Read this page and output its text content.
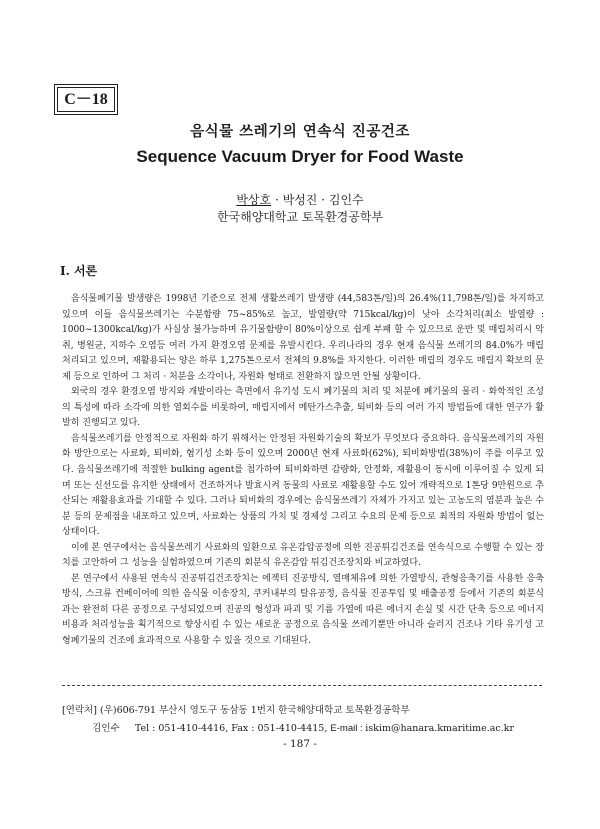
C－18
음식물 쓰레기의 연속식 진공건조
Sequence Vacuum Dryer for Food Waste
박상호 · 박성진 · 김인수
한국해양대학교 토목환경공학부
Ⅰ. 서론

음식물폐기물 발생량은 1998년 기준으로 전체 생활쓰레기 발생량 (44,583톤/일)의 26.4%(11,798톤/일)를 차지하고 있으며 이들 음식물쓰레기는 수분함량 75~85%로 높고, 발열량(약 715kcal/kg)이 낮아 소각처리(최소 발열량 : 1000~1300kcal/kg)가 사실상 불가능하며 유기물함량이 80%이상으로 쉽게 부패 할 수 있으므로 운반 및 매립처리시 악취, 병원균, 지하수 오염등 여러 가지 환경오염 문제를 유발시킨다. 우리나라의 경우 현재 음식물 쓰레기의 84.0%가 매립 처리되고 있으며, 재활용되는 양은 하루 1,275톤으로서 전체의 9.8%를 차지한다. 이러한 매립의 경우도 매립지 확보의 문제 등으로 인하여 그 처리 · 처분을 소각이나, 자원화 형태로 전환하지 않으면 안될 상황이다.

외국의 경우 환경오염 방지와 개발이라는 측면에서 유기성 도시 폐기물의 처리 및 처분에 폐기물의 물리 · 화학적인 조성의 특성에 따라 소각에 의한 열회수를 비롯하여, 매립지에서 메탄가스추출, 퇴비화 등의 여러 가지 방법들에 대한 연구가 활발히 진행되고 있다.

음식물쓰레기를 안정적으로 자원화 하기 위해서는 안정된 자원화기술의 확보가 무엇보다 중요하다. 음식물쓰레기의 자원화 방안으로는 사료화, 퇴비화, 혐기성 소화 등이 있으며 2000년 현재 사료화(62%), 퇴비화방법(38%)이 주를 이루고 있다. 음식물쓰레기에 적절한 bulking agent를 첨가하여 퇴비화하면 감량화, 안정화, 재활용이 동시에 이루어질 수 있게 되며 또는 신선도를 유지한 상태에서 건조하거나 발효시켜 동물의 사료로 재활용할 수도 있어 개략적으로 1톤당 9만원으로 추산되는 재활용효과를 기대할 수 있다. 그러나 퇴비화의 경우에는 음식물쓰레기 자체가 가지고 있는 고농도의 염분과 높은 수분 등의 문제점을 내포하고 있으며, 사료화는 상품의 가치 및 경제성 그리고 수요의 문제 등으로 최적의 자원화 방법이 없는 상태이다.

이에 본 연구에서는 음식물쓰레기 사료화의 일환으로 유온감압공정에 의한 진공튀김건조를 연속식으로 수행할 수 있는 장치를 고안하여 그 성능을 실험하였으며 기존의 회분식 유온감압 튀김건조장치와 비교하였다.

본 연구에서 사용된 연속식 진공튀김건조장치는 에젝터 진공방식, 열매체유에 의한 가열방식, 관형응축기를 사용한 응축방식, 스크류 컨베이어에 의한 음식물 이송장치, 쿠커내부의 탈유공정, 음식물 진공투입 및 배출공정 등에서 기존의 회분식과는 완전히 다른 공정으로 구성되었으며 진공의 형성과 파괴 및 기름 가열에 따른 에너지 손실 및 시간 단축 등으로 에너지 비용과 처리성능을 획기적으로 향상시킬 수 있는 새로운 공정으로 음식물 쓰레기뿐만 아니라 슬러지 건조나 기타 유기성 고형폐기물의 건조에 효과적으로 사용할 수 있을 것으로 기대된다.

[연락처] (우)606-791 부산시 영도구 동삼동 1번지 한국해양대학교 토목환경공학부
김인수 Tel : 051-410-4416, Fax : 051-410-4415, E-mail : iskim@hanara.kmaritime.ac.kr
- 187 -
